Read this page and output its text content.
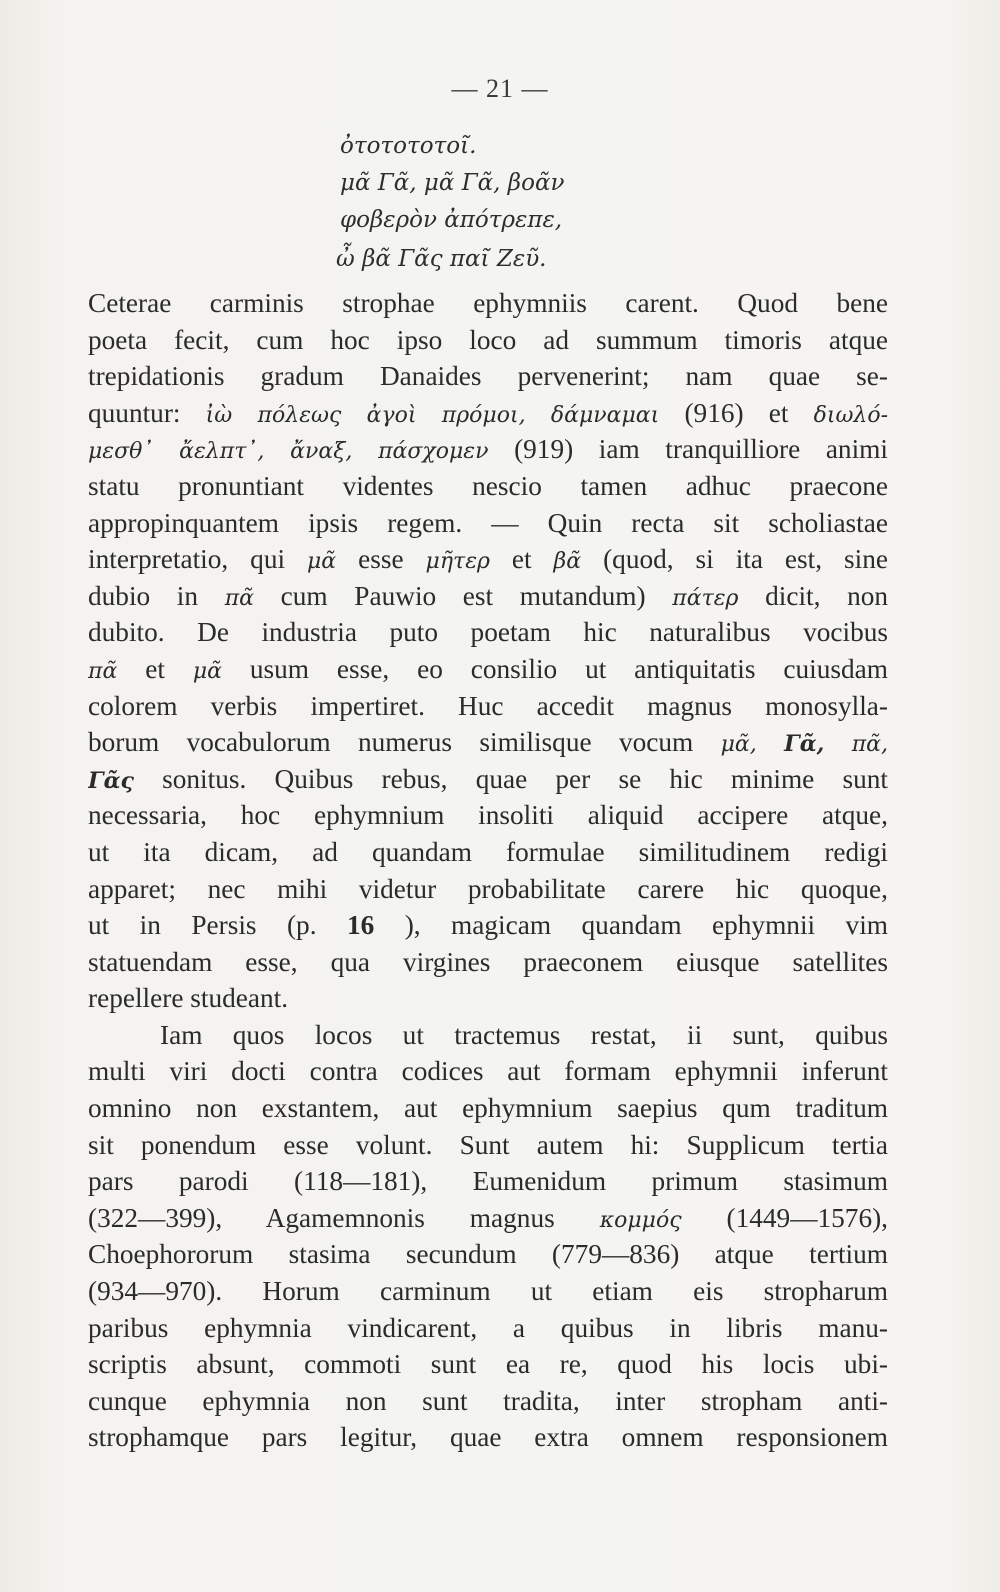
— 21 —
ὀτοτοτοτοῖ.
μᾶ Γᾶ, μᾶ Γᾶ, βοᾶν
φοβερὸν ἀπότρεπε,
ὦ βᾶ Γᾶς παῖ Ζεῦ.
Ceterae carminis strophae ephymniis carent. Quod bene
poeta fecit, cum hoc ipso loco ad summum timoris atque
trepidationis gradum Danaides pervenerint; nam quae se-
quuntur: ἰὼ πόλεως ἀγοὶ πρόμοι, δάμναμαι (916) et διωλό-
μεσθ᾽ ἄελπτ᾽, ἄναξ, πάσχομεν (919) iam tranquilliore animi
statu pronuntiant videntes nescio tamen adhuc praecone
appropinquantem ipsis regem. — Quin recta sit scholiastae
interpretatio, qui μᾶ esse μῆτερ et βᾶ (quod, si ita est, sine
dubio in πᾶ cum Pauwio est mutandum) πάτερ dicit, non
dubito. De industria puto poetam hic naturalibus vocibus
πᾶ et μᾶ usum esse, eo consilio ut antiquitatis cuiusdam
colorem verbis impertiret. Huc accedit magnus monosylla-
borum vocabulorum numerus similisque vocum μᾶ, Γᾶ, πᾶ,
Γᾶς sonitus. Quibus rebus, quae per se hic minime sunt
necessaria, hoc ephymnium insoliti aliquid accipere atque,
ut ita dicam, ad quandam formulae similitudinem redigi
apparet; nec mihi videtur probabilitate carere hic quoque,
ut in Persis (p. 16 ), magicam quandam ephymnii vim
statuendam esse, qua virgines praeconem eiusque satellites
repellere studeant.
Iam quos locos ut tractemus restat, ii sunt, quibus
multi viri docti contra codices aut formam ephymnii inferunt
omnino non exstantem, aut ephymnium saepius qum traditum
sit ponendum esse volunt. Sunt autem hi: Supplicum tertia
pars parodi (118—181), Eumenidum primum stasimum
(322—399), Agamemnonis magnus κομμός (1449—1576),
Choephororum stasima secundum (779—836) atque tertium
(934—970). Horum carminum ut etiam eis stropharum
paribus ephymnia vindicarent, a quibus in libris manu-
scriptis absunt, commoti sunt ea re, quod his locis ubi-
cunque ephymnia non sunt tradita, inter stropham anti-
strophamque pars legitur, quae extra omnem responsionem
